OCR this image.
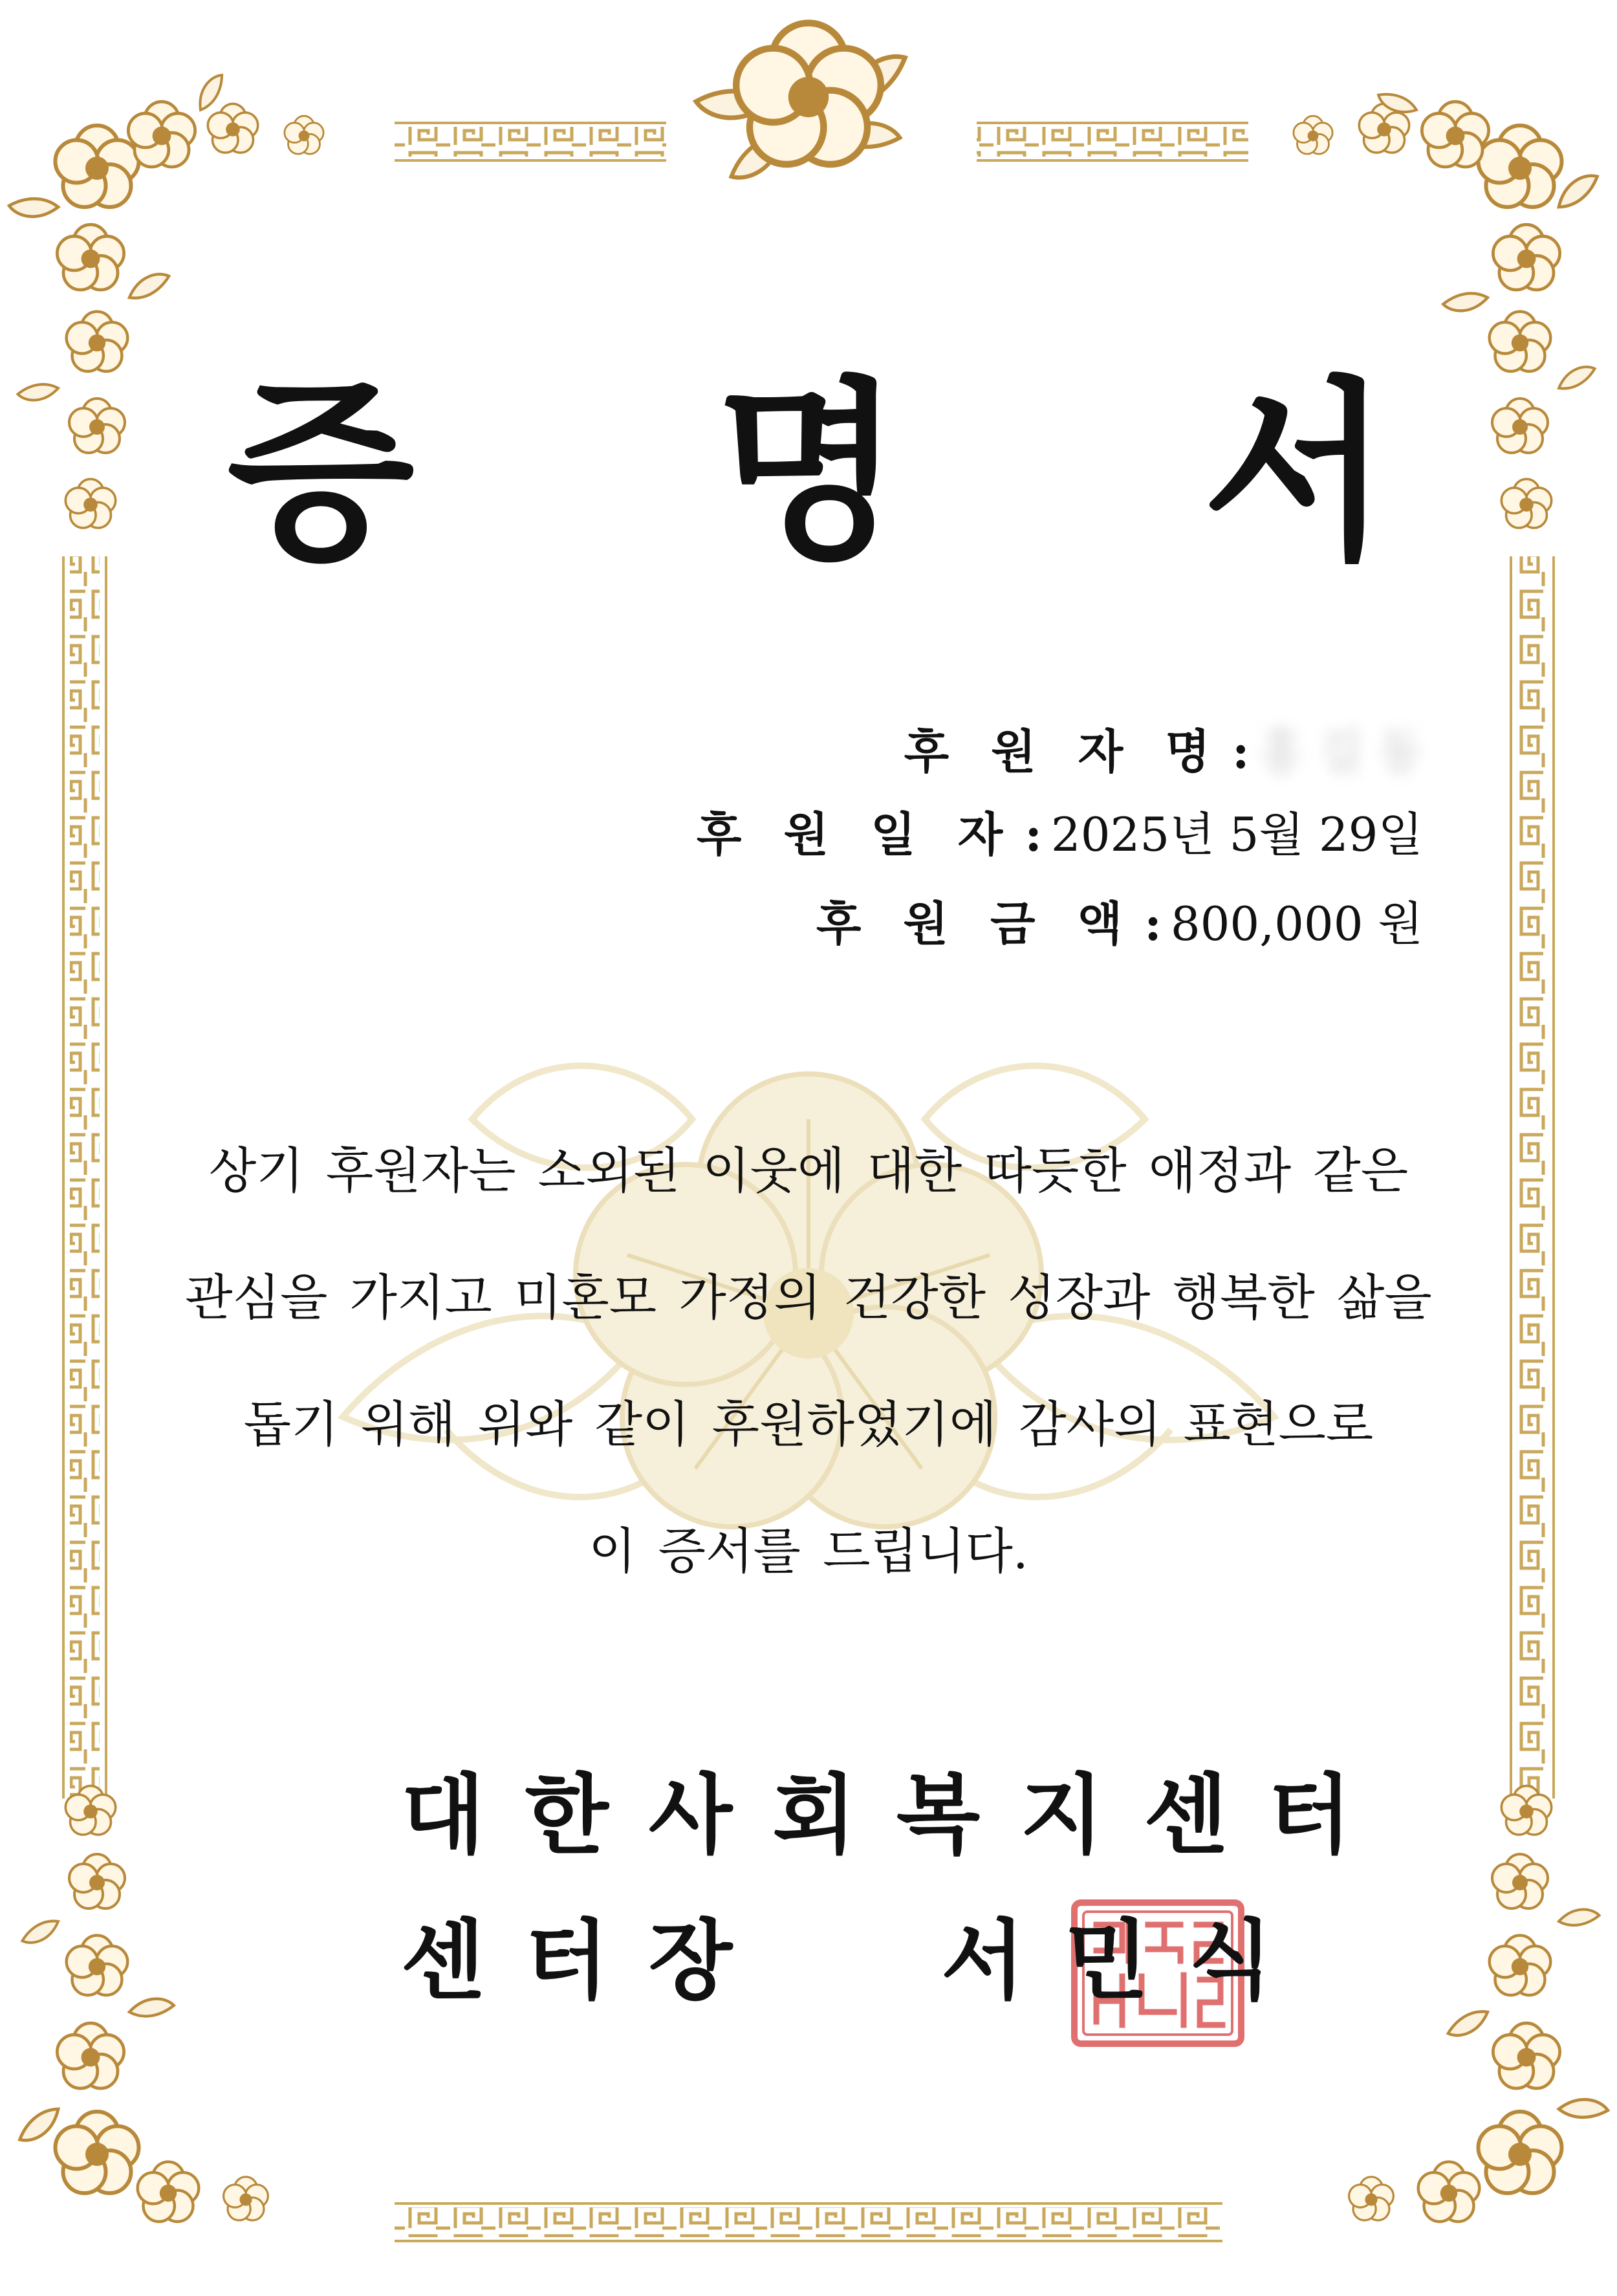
증 명 서
후 원 자 명 : 홍 길 동
후 원 일 자 : 2025년 5월 29일
후 원 금 액 : 800,000 원
상기 후원자는 소외된 이웃에 대한 따듯한 애정과 같은
관심을 가지고 미혼모 가정의 건강한 성장과 행복한 삶을
돕기 위해 위와 같이 후원하였기에 감사의 표현으로
이 증서를 드립니다.
대한사회복지센터
센터장 서민식
